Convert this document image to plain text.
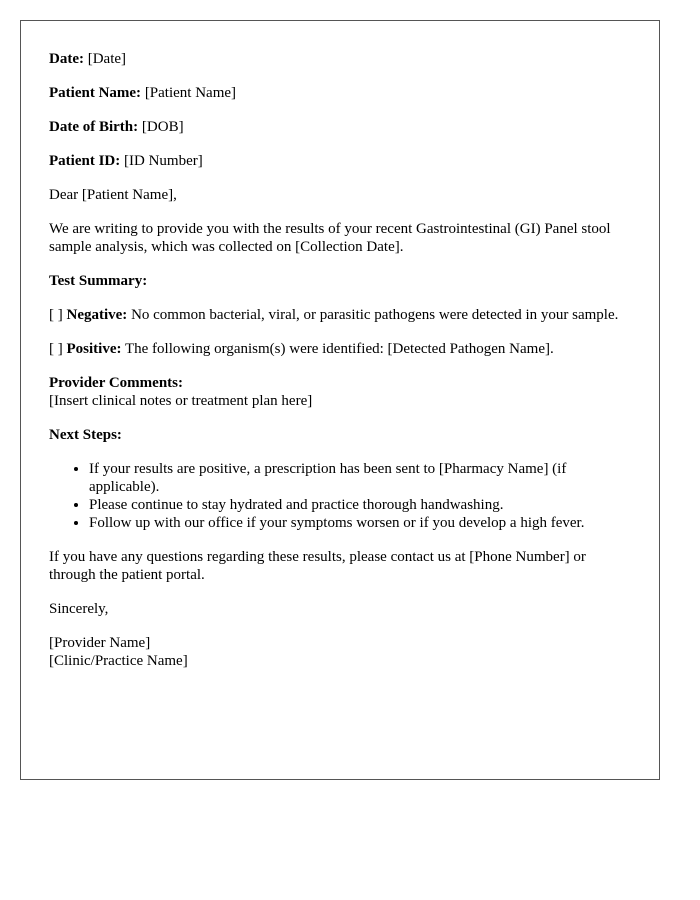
Date: [Date]

Patient Name: [Patient Name]

Date of Birth: [DOB]

Patient ID: [ID Number]

Dear [Patient Name],

We are writing to provide you with the results of your recent Gastrointestinal (GI) Panel stool sample analysis, which was collected on [Collection Date].

Test Summary:

[ ] Negative: No common bacterial, viral, or parasitic pathogens were detected in your sample.

[ ] Positive: The following organism(s) were identified: [Detected Pathogen Name].

Provider Comments:

[Insert clinical notes or treatment plan here]

Next Steps:

• If your results are positive, a prescription has been sent to [Pharmacy Name] (if applicable).
• Please continue to stay hydrated and practice thorough handwashing.
• Follow up with our office if your symptoms worsen or if you develop a high fever.

If you have any questions regarding these results, please contact us at [Phone Number] or through the patient portal.

Sincerely,

[Provider Name]

[Clinic/Practice Name]
